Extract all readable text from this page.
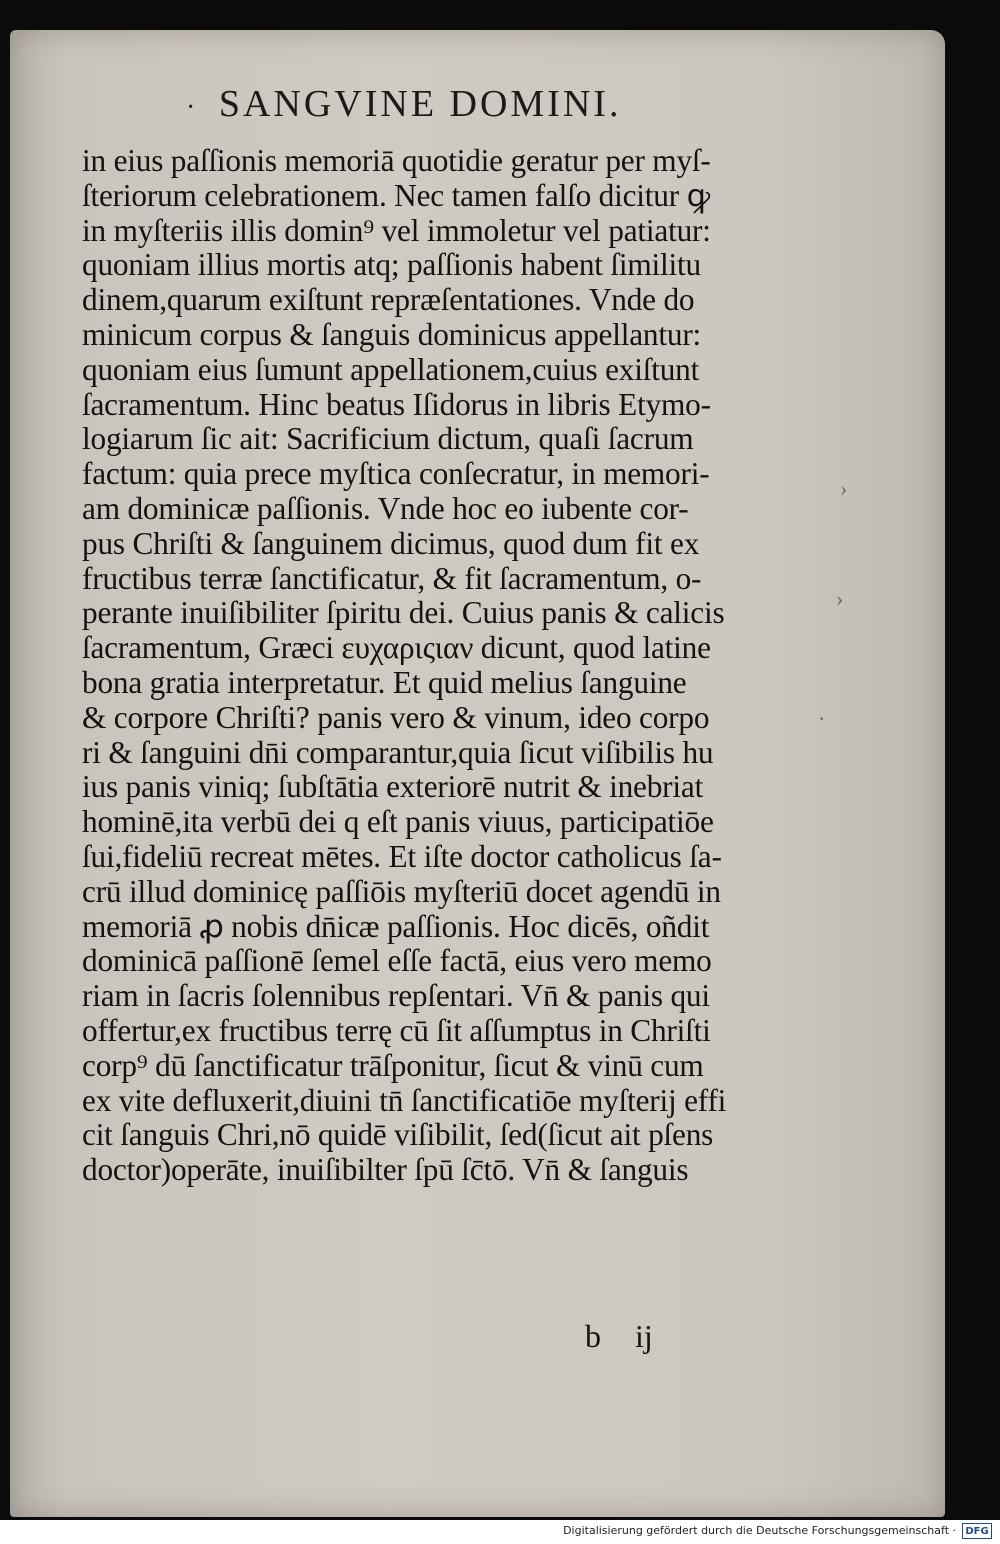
· SANGVINE DOMINI.
in eius paſſionis memoriā quotidie geratur per myſ-
ſteriorum celebrationem. Nec tamen falſo dicitur ꝙ
in myſteriis illis domin⁹ vel immoletur vel patiatur:
quoniam illius mortis atq; paſſionis habent ſimilitu
dinem,quarum exiſtunt repræſentationes. Vnde do
minicum corpus & ſanguis dominicus appellantur:
quoniam eius ſumunt appellationem,cuius exiſtunt
ſacramentum. Hinc beatus Iſidorus in libris Etymo-
logiarum ſic ait: Sacrificium dictum, quaſi ſacrum
factum: quia prece myſtica conſecratur, in memori-
am dominicæ paſſionis. Vnde hoc eo iubente cor-
pus Chriſti & ſanguinem dicimus, quod dum fit ex
fructibus terræ ſanctificatur, & fit ſacramentum, o-
perante inuiſibiliter ſpiritu dei. Cuius panis & calicis
ſacramentum, Græci ευχαριςιαν dicunt, quod latine
bona gratia interpretatur. Et quid melius ſanguine
& corpore Chriſti? panis vero & vinum, ideo corpo
ri & ſanguini dn̄i comparantur,quia ſicut viſibilis hu
ius panis viniq; ſubſtātia exteriorē nutrit & inebriat
hominē,ita verbū dei q eſt panis viuus, participatiōe
ſui,fideliū recreat mētes. Et iſte doctor catholicus ſa-
crū illud dominicę paſſiōis myſteriū docet agendū in
memoriā ꝓ nobis dn̄icæ paſſionis. Hoc dicēs, oñdit
dominicā paſſionē ſemel eſſe factā, eius vero memo
riam in ſacris ſolennibus repſentari. Vn̄ & panis qui
offertur,ex fructibus terrę cū ſit aſſumptus in Chriſti
corp⁹ dū ſanctificatur trāſponitur, ſicut & vinū cum
ex vite defluxerit,diuini tn̄ ſanctificatiōe myſterij effi
cit ſanguis Chri,nō quidē viſibilit, ſed(ſicut ait pſens
doctor)operāte, inuiſibilter ſpū ſc̄tō. Vn̄ & ſanguis
b ij
›
›
·
Digitalisierung gefördert durch die Deutsche Forschungsgemeinschaft · DFG
